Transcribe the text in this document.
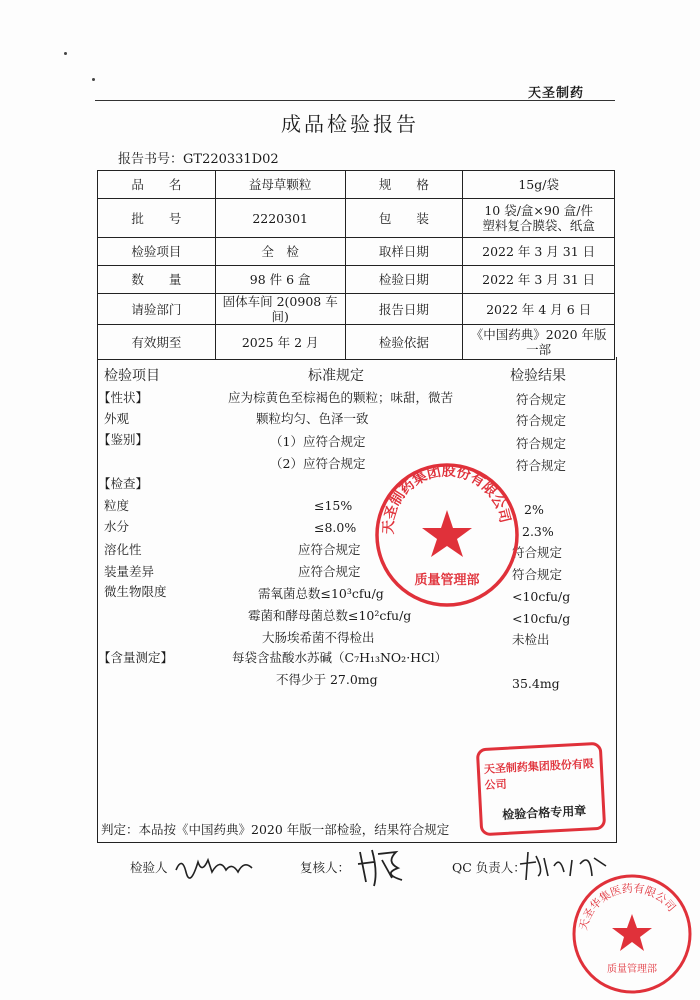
天圣制药
成品检验报告
报告书号：GT220331D02
品　　名	益母草颗粒	规　　格	15g/袋
批　　号	2220301	包　　装	10 袋/盒×90 盒/件
塑料复合膜袋、纸盒

检验项目	全　检	取样日期	2022 年 3 月 31 日
数　　量	98 件 6 盒	检验日期	2022 年 3 月 31 日
请验部门	固体车间 2(0908 车间)	报告日期	2022 年 4 月 6 日
有效期至	2025 年 2 月	检验依据	《中国药典》2020 年版
一部
检验项目	标准规定	检验结果
【性状】	应为棕黄色至棕褐色的颗粒；味甜，微苦	符合规定
外观	颗粒均匀、色泽一致	符合规定
【鉴别】	（1）应符合规定	符合规定
（2）应符合规定	符合规定
【检查】
粒度	≤15%	2%
水分	≤8.0%	2.3%
溶化性	应符合规定	符合规定
装量差异	应符合规定	符合规定
微生物限度	需氧菌总数≤10³cfu/g	<10cfu/g
霉菌和酵母菌总数≤10²cfu/g	<10cfu/g
大肠埃希菌不得检出	未检出
【含量测定】	每袋含盐酸水苏碱（C₇H₁₃NO₂·HCl）
不得少于 27.0mg	35.4mg
判定：本品按《中国药典》2020 年版一部检验，结果符合规定
检验人	复核人：	QC 负责人：
天圣制药集团股份有限公司
质量管理部
天圣制药集团股份有限公司
检验合格专用章
天圣华集医药有限公司
质量管理部
